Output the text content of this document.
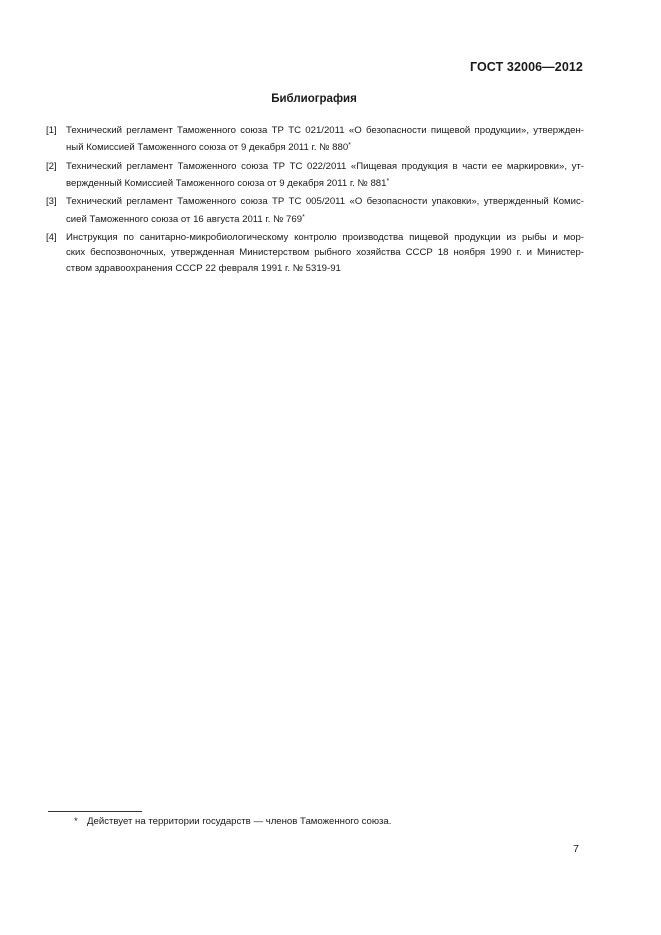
ГОСТ 32006—2012
Библиография
[1] Технический регламент Таможенного союза ТР ТС 021/2011 «О безопасности пищевой продукции», утвержден-
ный Комиссией Таможенного союза от 9 декабря 2011 г. № 880*
[2] Технический регламент Таможенного союза ТР ТС 022/2011 «Пищевая продукция в части ее маркировки», ут-
вержденный Комиссией Таможенного союза от 9 декабря 2011 г. № 881*
[3] Технический регламент Таможенного союза ТР ТС 005/2011 «О безопасности упаковки», утвержденный Комис-
сией Таможенного союза от 16 августа 2011 г. № 769*
[4] Инструкция по санитарно-микробиологическому контролю производства пищевой продукции из рыбы и мор-
ских беспозвоночных, утвержденная Министерством рыбного хозяйства СССР 18 ноября 1990 г. и Министер-
ством здравоохранения СССР 22 февраля 1991 г. № 5319-91
* Действует на территории государств — членов Таможенного союза.
7
